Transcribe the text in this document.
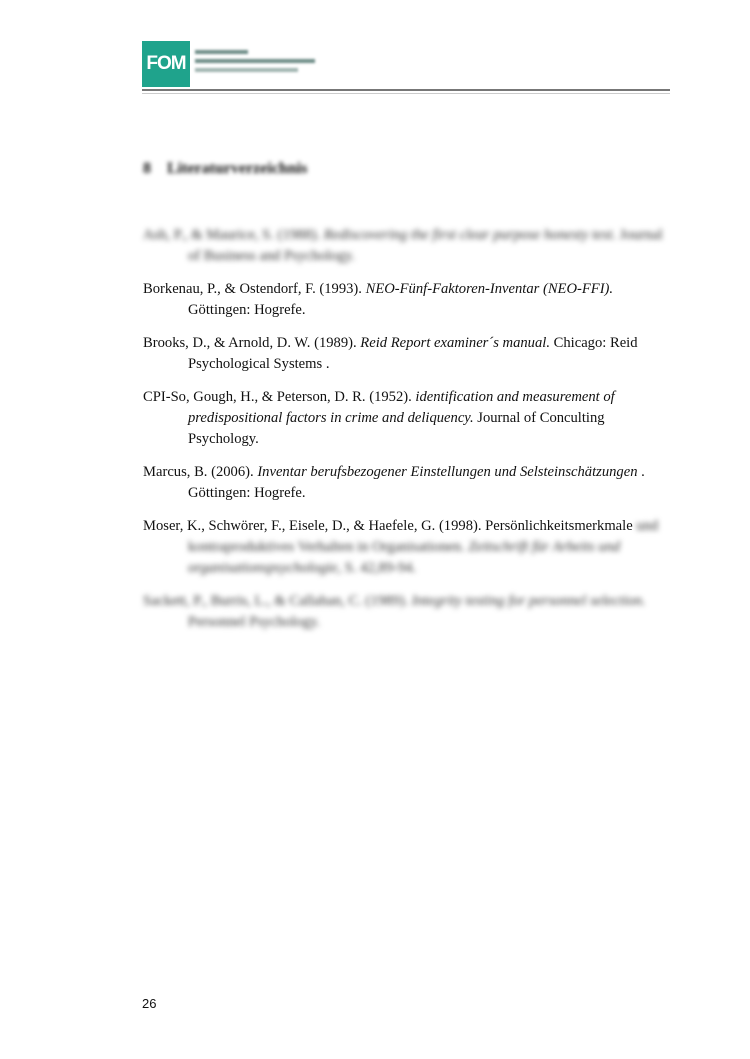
FOM
8 Literaturverzeichnis

Ash, P., & Maurice, S. (1988). Rediscovering the first clear purpose honesty test. Journal of Business and Psychology.

Borkenau, P., & Ostendorf, F. (1993). NEO-Fünf-Faktoren-Inventar (NEO-FFI). Göttingen: Hogrefe.

Brooks, D., & Arnold, D. W. (1989). Reid Report examiner´s manual. Chicago: Reid Psychological Systems .

CPI-So, Gough, H., & Peterson, D. R. (1952). identification and measurement of predispositional factors in crime and deliquency. Journal of Conculting Psychology.

Marcus, B. (2006). Inventar berufsbezogener Einstellungen und Selsteinschätzungen . Göttingen: Hogrefe.

Moser, K., Schwörer, F., Eisele, D., & Haefele, G. (1998). Persönlichkeitsmerkmale und kontraproduktives Verhalten in Organisationen. Zeitschrift für Arbeits und organisationspsychologie, S. 42,89-94.

Sackett, P., Burris, L., & Callahan, C. (1989). Integrity testing for personnel selection. Personnel Psychology.

26
